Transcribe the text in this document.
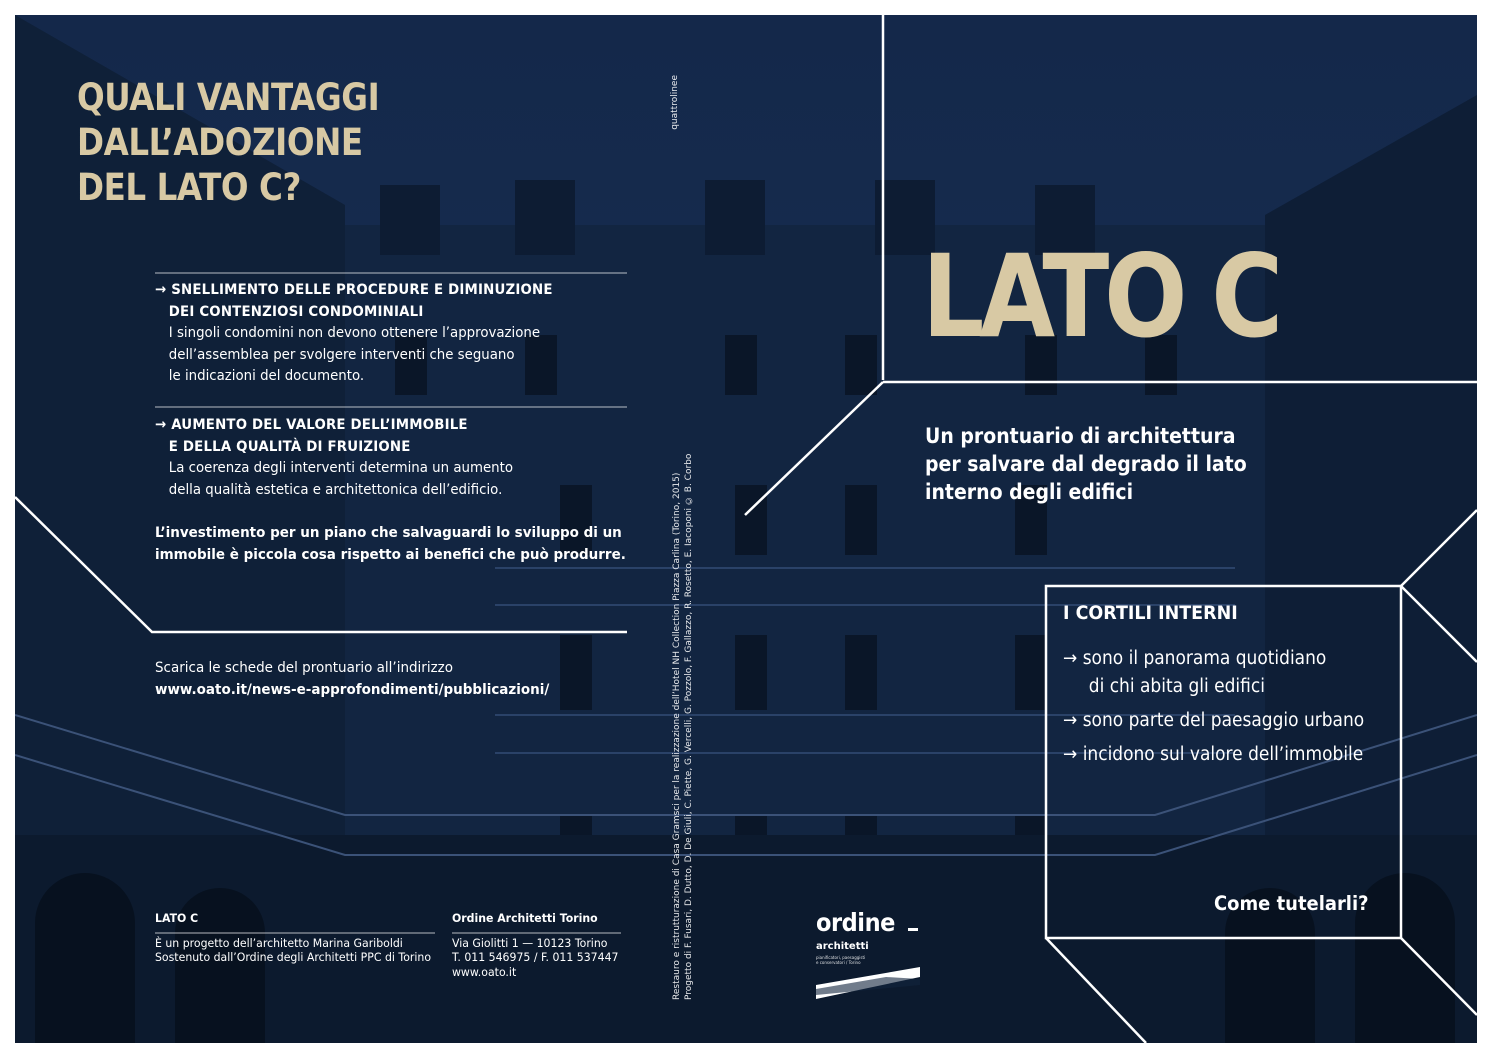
QUALI VANTAGGI
DALL’ADOZIONE
DEL LATO C?
→ SNELLIMENTO DELLE PROCEDURE E DIMINUZIONE
DEI CONTENZIOSI CONDOMINIALI
I singoli condomini non devono ottenere l’approvazione
dell’assemblea per svolgere interventi che seguano
le indicazioni del documento.
→ AUMENTO DEL VALORE DELL’IMMOBILE
E DELLA QUALITÀ DI FRUIZIONE
La coerenza degli interventi determina un aumento
della qualità estetica e architettonica dell’edificio.
L’investimento per un piano che salvaguardi lo sviluppo di un
immobile è piccola cosa rispetto ai benefici che può produrre.
Scarica le schede del prontuario all’indirizzo
www.oato.it/news-e-approfondimenti/pubblicazioni/
LATO C
È un progetto dell’architetto Marina Gariboldi
Sostenuto dall’Ordine degli Architetti PPC di Torino
Ordine Architetti Torino
Via Giolitti 1 — 10123 Torino
T. 011 546975 / F. 011 537447
www.oato.it
quattrolinee
Restauro e ristrutturazione di Casa Gramsci per la realizzazione dell’Hotel NH Collection Piazza Carlina (Torino, 2015) Progetto di F. Fusari, D. Dutto, D. De Giuli, C. Piette, G. Vercelli, G. Pozzolo, F. Gallazzo, R. Rosetto, E. Iacoponi © B. Corbo
LATO C
Un prontuario di architettura
per salvare dal degrado il lato
interno degli edifici
I CORTILI INTERNI
→ sono il panorama quotidiano
di chi abita gli edifici
→ sono parte del paesaggio urbano
→ incidono sul valore dell’immobile
Come tutelarli?
ordine
architetti
pianificatori, paesaggisti
e conservatori / Torino
